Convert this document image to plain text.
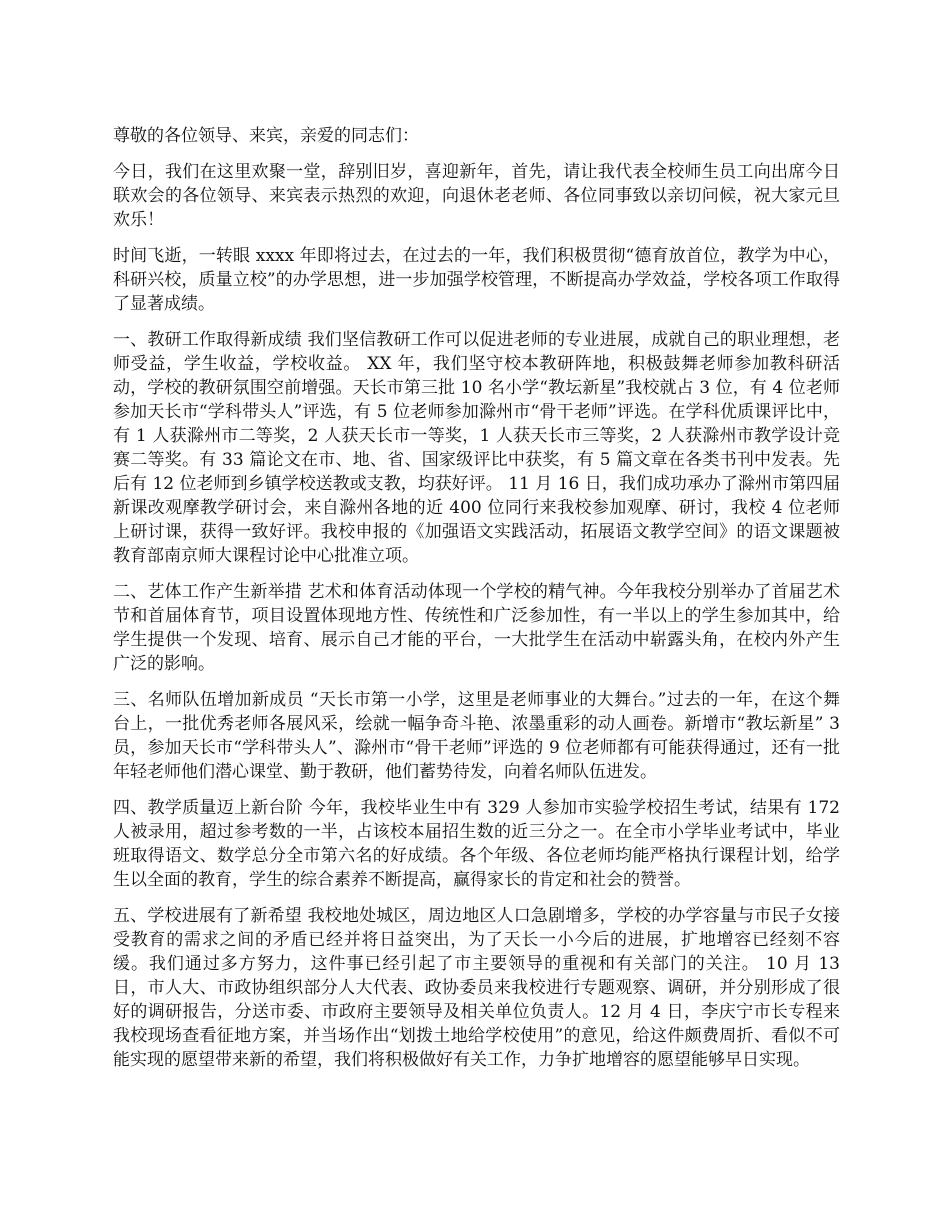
尊敬的各位领导、来宾，亲爱的同志们：

今日，我们在这里欢聚一堂，辞别旧岁，喜迎新年，首先，请让我代表全校师生员工向出席今日联欢会的各位领导、来宾表示热烈的欢迎，向退休老老师、各位同事致以亲切问候，祝大家元旦欢乐！

时间飞逝，一转眼 xxxx 年即将过去，在过去的一年，我们积极贯彻“德育放首位，教学为中心，科研兴校，质量立校”的办学思想，进一步加强学校管理，不断提高办学效益，学校各项工作取得了显著成绩。

一、教研工作取得新成绩 我们坚信教研工作可以促进老师的专业进展，成就自己的职业理想，老师受益，学生收益，学校收益。 XX 年，我们坚守校本教研阵地，积极鼓舞老师参加教科研活动，学校的教研氛围空前增强。天长市第三批 10 名小学“教坛新星”我校就占 3 位，有 4 位老师参加天长市“学科带头人”评选，有 5 位老师参加滁州市“骨干老师”评选。在学科优质课评比中，有 1 人获滁州市二等奖，2 人获天长市一等奖，1 人获天长市三等奖，2 人获滁州市教学设计竞赛二等奖。有 33 篇论文在市、地、省、国家级评比中获奖，有 5 篇文章在各类书刊中发表。先后有 12 位老师到乡镇学校送教或支教，均获好评。 11 月 16 日，我们成功承办了滁州市第四届新课改观摩教学研讨会，来自滁州各地的近 400 位同行来我校参加观摩、研讨，我校 4 位老师上研讨课，获得一致好评。我校申报的《加强语文实践活动，拓展语文教学空间》的语文课题被教育部南京师大课程讨论中心批准立项。

二、艺体工作产生新举措 艺术和体育活动体现一个学校的精气神。今年我校分别举办了首届艺术节和首届体育节，项目设置体现地方性、传统性和广泛参加性，有一半以上的学生参加其中，给学生提供一个发现、培育、展示自己才能的平台，一大批学生在活动中崭露头角，在校内外产生广泛的影响。

三、名师队伍增加新成员 “天长市第一小学，这里是老师事业的大舞台。”过去的一年，在这个舞台上，一批优秀老师各展风采，绘就一幅争奇斗艳、浓墨重彩的动人画卷。新增市“教坛新星” 3 员，参加天长市“学科带头人”、滁州市“骨干老师”评选的 9 位老师都有可能获得通过，还有一批年轻老师他们潜心课堂、勤于教研，他们蓄势待发，向着名师队伍进发。

四、教学质量迈上新台阶 今年，我校毕业生中有 329 人参加市实验学校招生考试，结果有 172 人被录用，超过参考数的一半，占该校本届招生数的近三分之一。在全市小学毕业考试中，毕业班取得语文、数学总分全市第六名的好成绩。各个年级、各位老师均能严格执行课程计划，给学生以全面的教育，学生的综合素养不断提高，赢得家长的肯定和社会的赞誉。

五、学校进展有了新希望 我校地处城区，周边地区人口急剧增多，学校的办学容量与市民子女接受教育的需求之间的矛盾已经并将日益突出，为了天长一小今后的进展，扩地增容已经刻不容缓。我们通过多方努力，这件事已经引起了市主要领导的重视和有关部门的关注。 10 月 13 日，市人大、市政协组织部分人大代表、政协委员来我校进行专题观察、调研，并分别形成了很好的调研报告，分送市委、市政府主要领导及相关单位负责人。12 月 4 日，李庆宁市长专程来我校现场查看征地方案，并当场作出“划拨土地给学校使用”的意见，给这件颇费周折、看似不可能实现的愿望带来新的希望，我们将积极做好有关工作，力争扩地增容的愿望能够早日实现。
